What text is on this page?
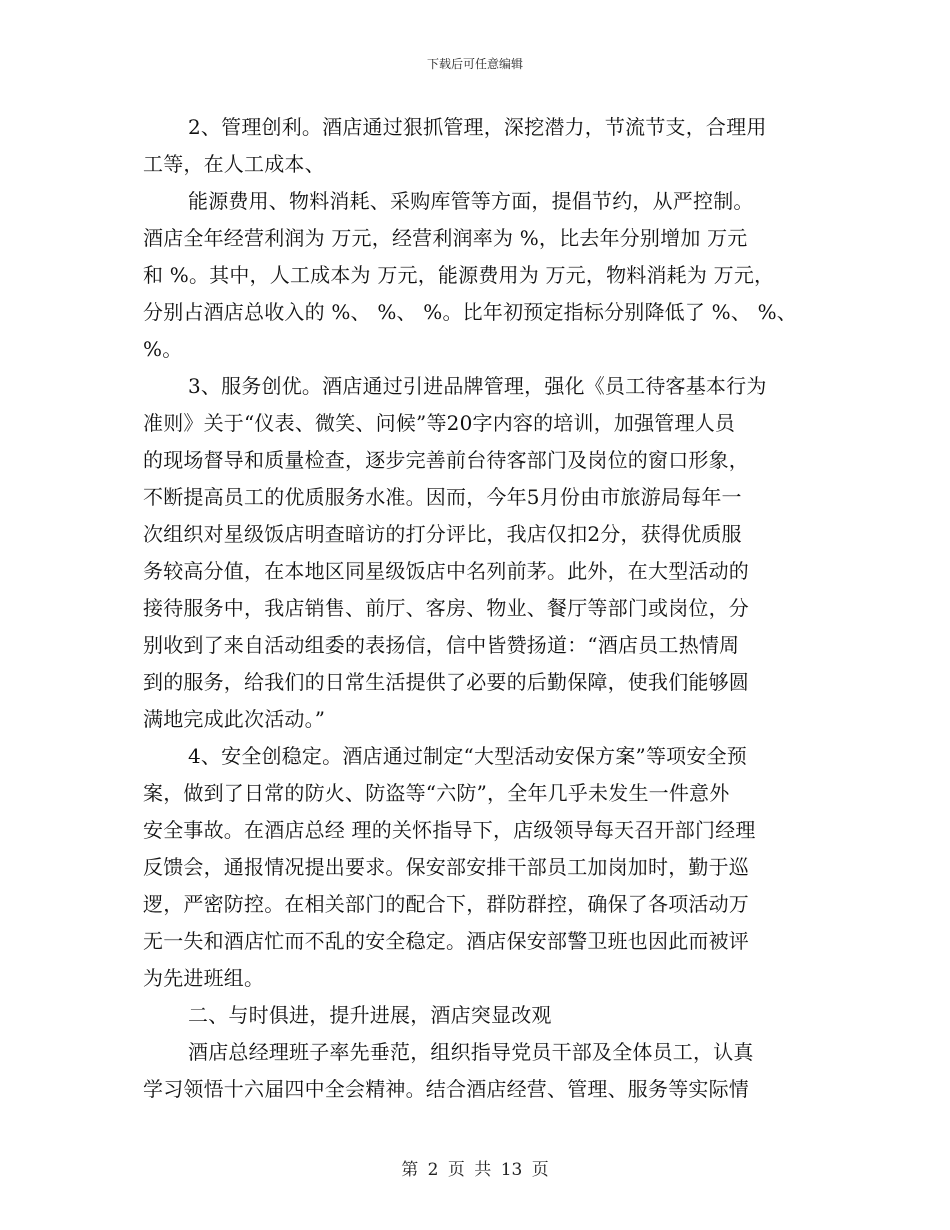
下载后可任意编辑
2、管理创利。酒店通过狠抓管理，深挖潜力，节流节支，合理用
工等，在人工成本、
能源费用、物料消耗、采购库管等方面，提倡节约，从严控制。
酒店全年经营利润为 万元，经营利润率为 %，比去年分别增加 万元
和 %。其中，人工成本为 万元，能源费用为 万元，物料消耗为 万元，
分别占酒店总收入的 %、 %、 %。比年初预定指标分别降低了 %、 %、
%。
3、服务创优。酒店通过引进品牌管理，强化《员工待客基本行为
准则》关于“仪表、微笑、问候”等20字内容的培训，加强管理人员
的现场督导和质量检查，逐步完善前台待客部门及岗位的窗口形象，
不断提高员工的优质服务水准。因而，今年5月份由市旅游局每年一
次组织对星级饭店明查暗访的打分评比，我店仅扣2分，获得优质服
务较高分值，在本地区同星级饭店中名列前茅。此外，在大型活动的
接待服务中，我店销售、前厅、客房、物业、餐厅等部门或岗位，分
别收到了来自活动组委的表扬信，信中皆赞扬道：“酒店员工热情周
到的服务，给我们的日常生活提供了必要的后勤保障，使我们能够圆
满地完成此次活动。”
4、安全创稳定。酒店通过制定“大型活动安保方案”等项安全预
案，做到了日常的防火、防盗等“六防”，全年几乎未发生一件意外
安全事故。在酒店总经 理的关怀指导下，店级领导每天召开部门经理
反馈会，通报情况提出要求。保安部安排干部员工加岗加时，勤于巡
逻，严密防控。在相关部门的配合下，群防群控，确保了各项活动万
无一失和酒店忙而不乱的安全稳定。酒店保安部警卫班也因此而被评
为先进班组。
二、与时俱进，提升进展，酒店突显改观
酒店总经理班子率先垂范，组织指导党员干部及全体员工，认真
学习领悟十六届四中全会精神。结合酒店经营、管理、服务等实际情
第 2 页 共 13 页
